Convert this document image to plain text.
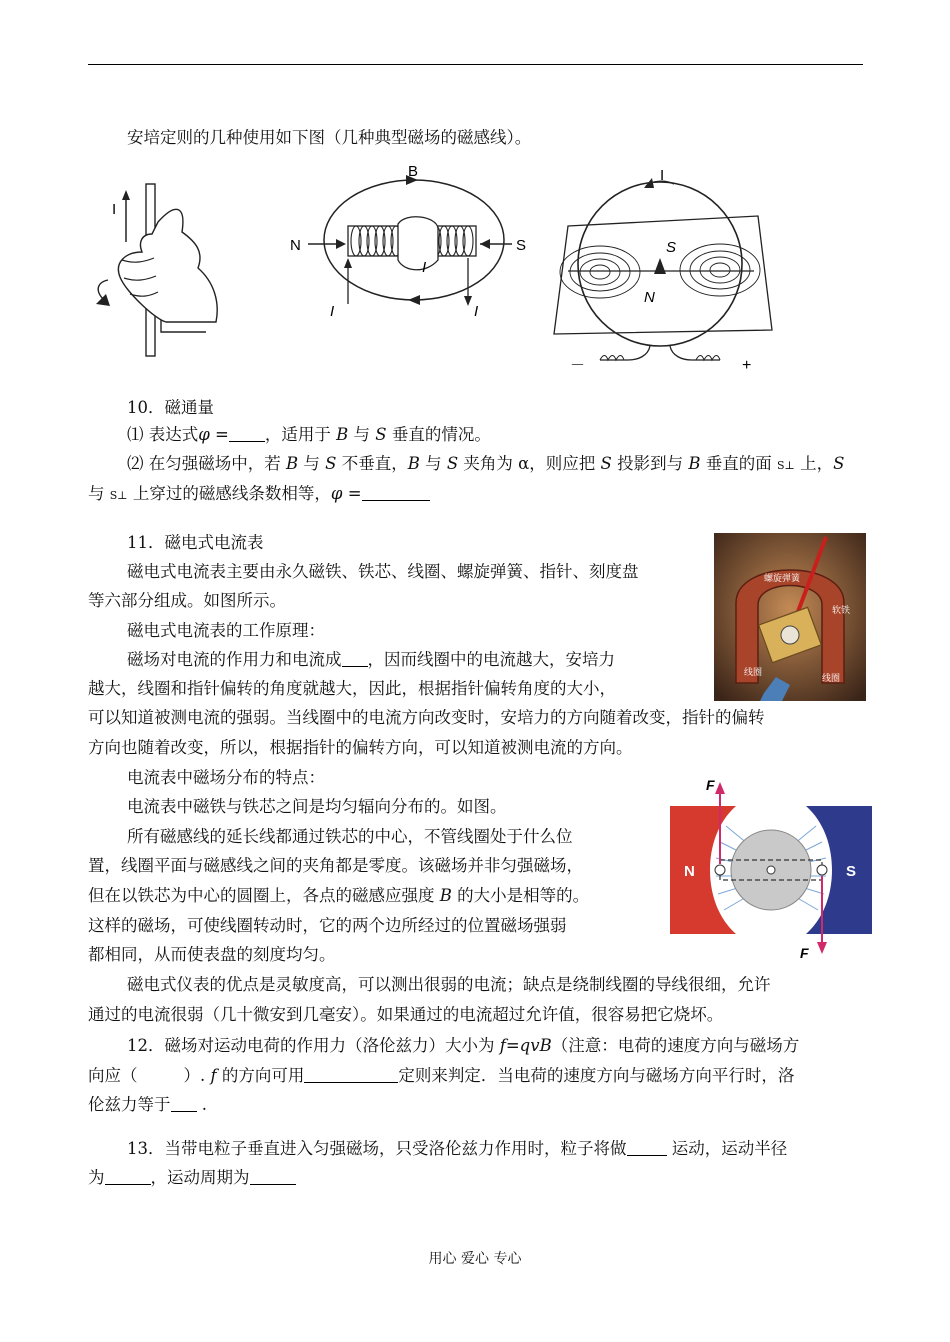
安培定则的几种使用如下图（几种典型磁场的磁感线）。
I
B
N	S
I
I	I
I
S
N
－	+
10．磁通量
⑴ 表达式φ = ，适用于 B 与 S 垂直的情况。
⑵ 在匀强磁场中，若 B 与 S 不垂直，B 与 S 夹角为 α，则应把 S 投影到与 B 垂直的面 S⊥ 上，S
与 S⊥ 上穿过的磁感线条数相等，φ =
螺旋弹簧
软铁
线圈
线圈
11．磁电式电流表
磁电式电流表主要由永久磁铁、铁芯、线圈、螺旋弹簧、指针、刻度盘
等六部分组成。如图所示。
磁电式电流表的工作原理：
磁场对电流的作用力和电流成 ，因而线圈中的电流越大，安培力
越大，线圈和指针偏转的角度就越大，因此，根据指针偏转角度的大小，
可以知道被测电流的强弱。当线圈中的电流方向改变时，安培力的方向随着改变，指针的偏转
方向也随着改变，所以，根据指针的偏转方向，可以知道被测电流的方向。
电流表中磁场分布的特点：
电流表中磁铁与铁芯之间是均匀辐向分布的。如图。
所有磁感线的延长线都通过铁芯的中心，不管线圈处于什么位
置，线圈平面与磁感线之间的夹角都是零度。该磁场并非匀强磁场，
但在以铁芯为中心的圆圈上，各点的磁感应强度 B 的大小是相等的。
这样的磁场，可使线圈转动时，它的两个边所经过的位置磁场强弱
都相同，从而使表盘的刻度均匀。
磁电式仪表的优点是灵敏度高，可以测出很弱的电流；缺点是绕制线圈的导线很细，允许
通过的电流很弱（几十微安到几毫安）。如果通过的电流超过允许值，很容易把它烧坏。
N	S
F
F
12．磁场对运动电荷的作用力（洛伦兹力）大小为 f=qvB（注意：电荷的速度方向与磁场方
向应（	）. f 的方向可用	定则来判定．当电荷的速度方向与磁场方向平行时，洛
伦兹力等于 .
13．当带电粒子垂直进入匀强磁场，只受洛伦兹力作用时，粒子将做 运动，运动半径
为	，运动周期为
用心 爱心 专心
